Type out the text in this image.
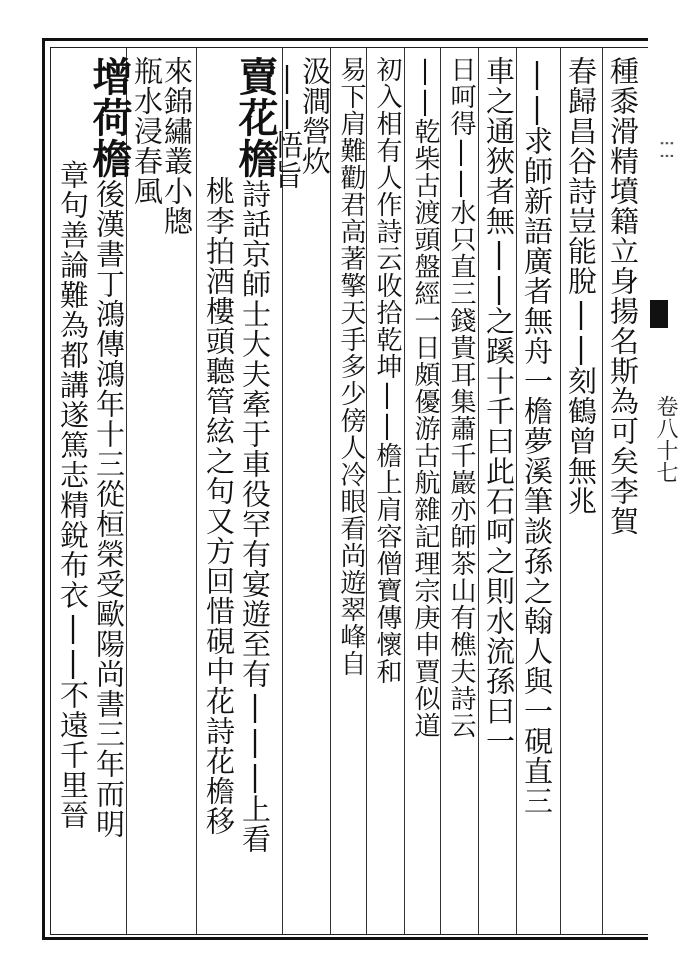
種黍滑精墳籍立身揚名斯為可矣李賀
春歸昌谷詩豈能脫||刻鶴曾無兆
||求師新語廣者無舟一檐夢溪筆談孫之翰人與一硯直三
車之通狹者無||之蹊十千曰此石呵之則水流孫曰一
日呵得||水只直三錢貴耳集蕭千巖亦師茶山有樵夫詩云
||乾柴古渡頭盤經一日頗優游古航雜記理宗庚申賈似道
初入相有人作詩云收拾乾坤||檐上肩容僧寶傳懷和
易下肩難勸君高著擎天手多少傍人冷眼看尚遊翠峰自
汲澗營炊
||悟旨
賣花檐詩話京師士大夫牽于車役罕有宴遊至有|||上看
桃李拍酒樓頭聽管絃之句又方回惜硯中花詩花檐移
來錦繡叢小牕
瓶水浸春風
增荷檐後漢書丁鴻傳鴻年十三從桓榮受歐陽尚書三年而明
章句善論難為都講遂篤志精銳布衣||不遠千里晉
⁝ ⁝
卷八十七
